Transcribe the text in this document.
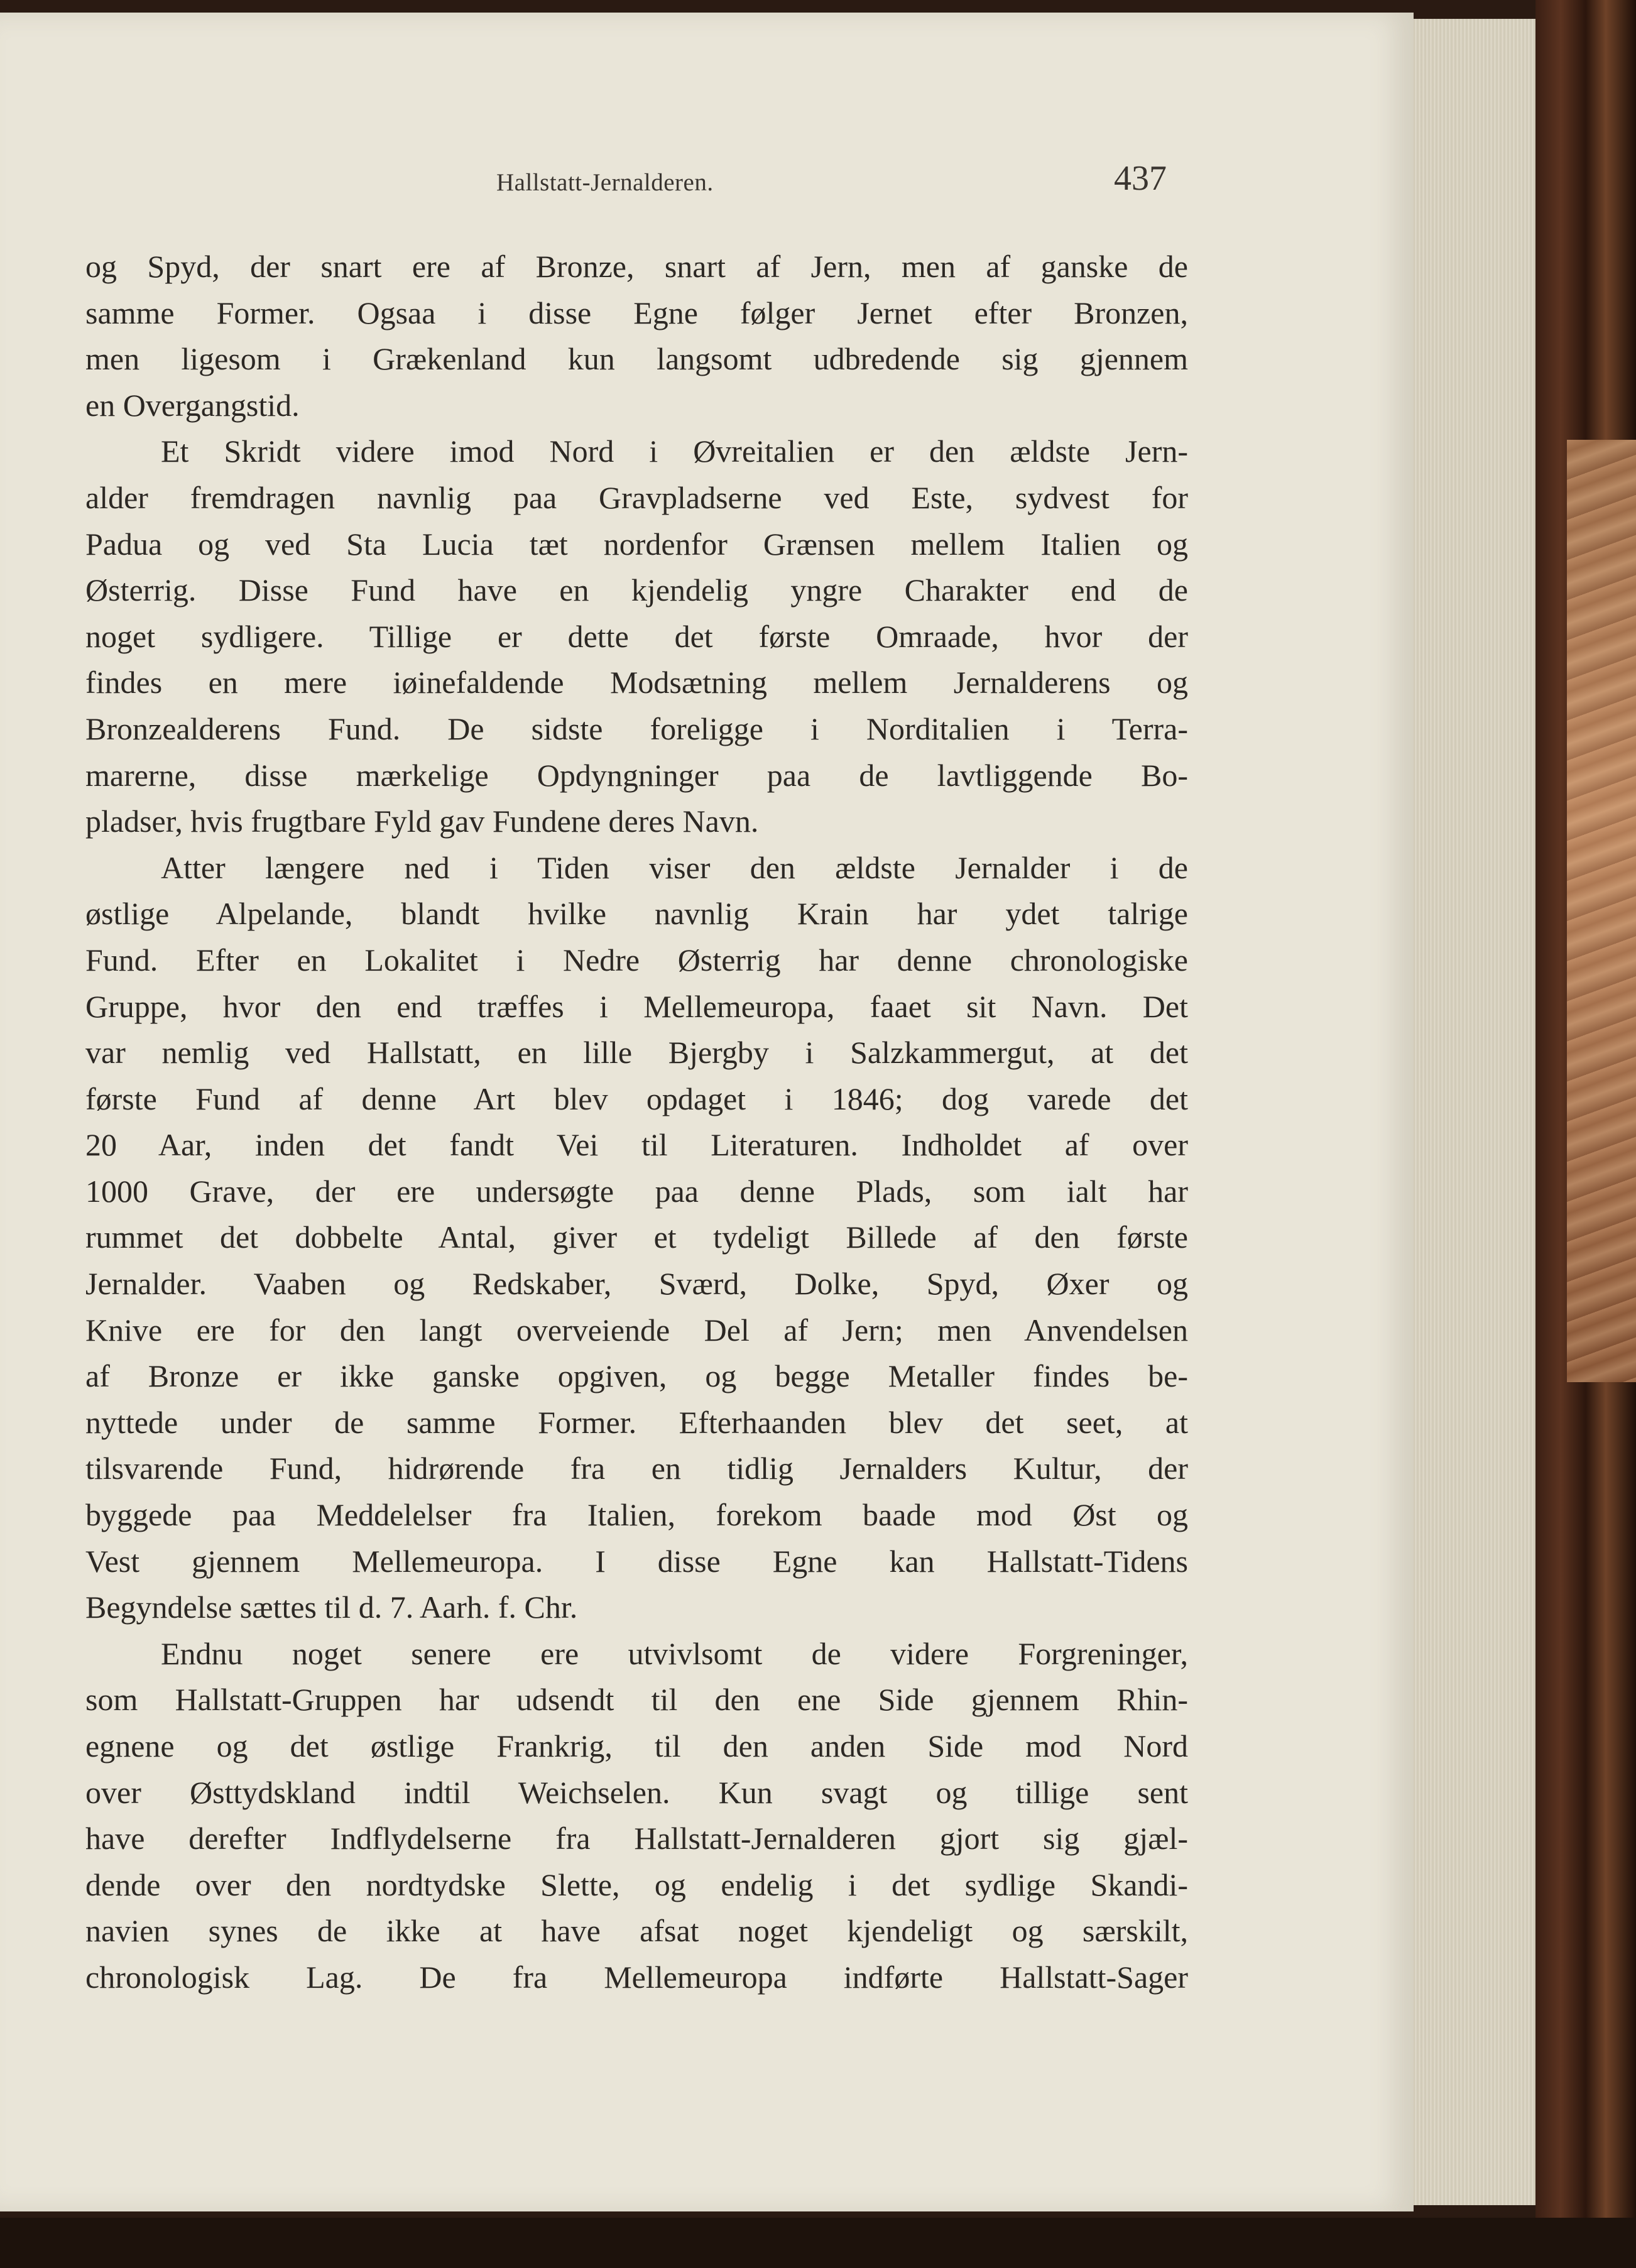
Hallstatt-Jernalderen.	437
og Spyd, der snart ere af Bronze, snart af Jern, men af ganske de
samme Former. Ogsaa i disse Egne følger Jernet efter Bronzen,
men ligesom i Grækenland kun langsomt udbredende sig gjennem
en Overgangstid.
Et Skridt videre imod Nord i Øvreitalien er den ældste Jern-
alder fremdragen navnlig paa Gravpladserne ved Este, sydvest for
Padua og ved Sta Lucia tæt nordenfor Grænsen mellem Italien og
Østerrig. Disse Fund have en kjendelig yngre Charakter end de
noget sydligere. Tillige er dette det første Omraade, hvor der
findes en mere iøinefaldende Modsætning mellem Jernalderens og
Bronzealderens Fund. De sidste foreligge i Norditalien i Terra-
marerne, disse mærkelige Opdyngninger paa de lavtliggende Bo-
pladser, hvis frugtbare Fyld gav Fundene deres Navn.
Atter længere ned i Tiden viser den ældste Jernalder i de
østlige Alpelande, blandt hvilke navnlig Krain har ydet talrige
Fund. Efter en Lokalitet i Nedre Østerrig har denne chronologiske
Gruppe, hvor den end træffes i Mellemeuropa, faaet sit Navn. Det
var nemlig ved Hallstatt, en lille Bjergby i Salzkammergut, at det
første Fund af denne Art blev opdaget i 1846; dog varede det
20 Aar, inden det fandt Vei til Literaturen. Indholdet af over
1000 Grave, der ere undersøgte paa denne Plads, som ialt har
rummet det dobbelte Antal, giver et tydeligt Billede af den første
Jernalder. Vaaben og Redskaber, Sværd, Dolke, Spyd, Øxer og
Knive ere for den langt overveiende Del af Jern; men Anvendelsen
af Bronze er ikke ganske opgiven, og begge Metaller findes be-
nyttede under de samme Former. Efterhaanden blev det seet, at
tilsvarende Fund, hidrørende fra en tidlig Jernalders Kultur, der
byggede paa Meddelelser fra Italien, forekom baade mod Øst og
Vest gjennem Mellemeuropa. I disse Egne kan Hallstatt-Tidens
Begyndelse sættes til d. 7. Aarh. f. Chr.
Endnu noget senere ere utvivlsomt de videre Forgreninger,
som Hallstatt-Gruppen har udsendt til den ene Side gjennem Rhin-
egnene og det østlige Frankrig, til den anden Side mod Nord
over Østtydskland indtil Weichselen. Kun svagt og tillige sent
have derefter Indflydelserne fra Hallstatt-Jernalderen gjort sig gjæl-
dende over den nordtydske Slette, og endelig i det sydlige Skandi-
navien synes de ikke at have afsat noget kjendeligt og særskilt,
chronologisk Lag. De fra Mellemeuropa indførte Hallstatt-Sager
